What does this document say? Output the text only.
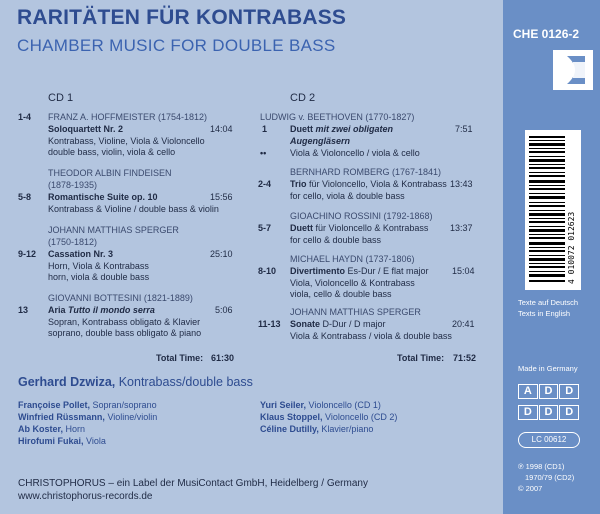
RARITÄTEN FÜR KONTRABASS
CHAMBER MUSIC FOR DOUBLE BASS
CD 1
1-4 FRANZ A. HOFFMEISTER (1754-1812)
Soloquartett Nr. 2	14:04
Kontrabass, Violine, Viola & Violoncello
double bass, violin, viola & cello
THEODOR ALBIN FINDEISEN
(1878-1935)
5-8 Romantische Suite op. 10	15:56
Kontrabass & Violine / double bass & violin
JOHANN MATTHIAS SPERGER
(1750-1812)
9-12 Cassation Nr. 3	25:10
Horn, Viola & Kontrabass
horn, viola & double bass
GIOVANNI BOTTESINI (1821-1889)
13 Aria Tutto il mondo serra	5:06
Sopran, Kontrabass obligato & Klavier
soprano, double bass obligato & piano
Total Time: 61:30
CD 2
LUDWIG v. BEETHOVEN (1770-1827)
1	Duett mit zwei obligaten	7:51
Augengläsern
••	Viola & Violoncello / viola & cello
BERNHARD ROMBERG (1767-1841)
2-4 Trio für Violoncello, Viola & Kontrabass 13:43
for cello, viola & double bass
GIOACHINO ROSSINI (1792-1868)
5-7 Duett für Violoncello & Kontrabass 13:37
for cello & double bass
MICHAEL HAYDN (1737-1806)
8-10 Divertimento Es-Dur / E flat major	15:04
Viola, Violoncello & Kontrabass
viola, cello & double bass
JOHANN MATTHIAS SPERGER
11-13 Sonate D-Dur / D major	20:41
Viola & Kontrabass / viola & double bass
Total Time: 71:52
Gerhard Dzwiza, Kontrabass/double bass
Françoise Pollet, Sopran/soprano
Winfried Rüssmann, Violine/violin
Ab Koster, Horn
Hirofumi Fukai, Viola
Yuri Seiler, Violoncello (CD 1)
Klaus Stoppel, Violoncello (CD 2)
Céline Dutilly, Klavier/piano
CHRISTOPHORUS – ein Label der MusiContact GmbH, Heidelberg / Germany
www.christophorus-records.de
CHE 0126-2
4 010072 012623
Texte auf Deutsch
Texts in English
Made in Germany
A	D	D
D	D	D
LC 00612
℗ 1998 (CD1)
1970/79 (CD2)
© 2007
